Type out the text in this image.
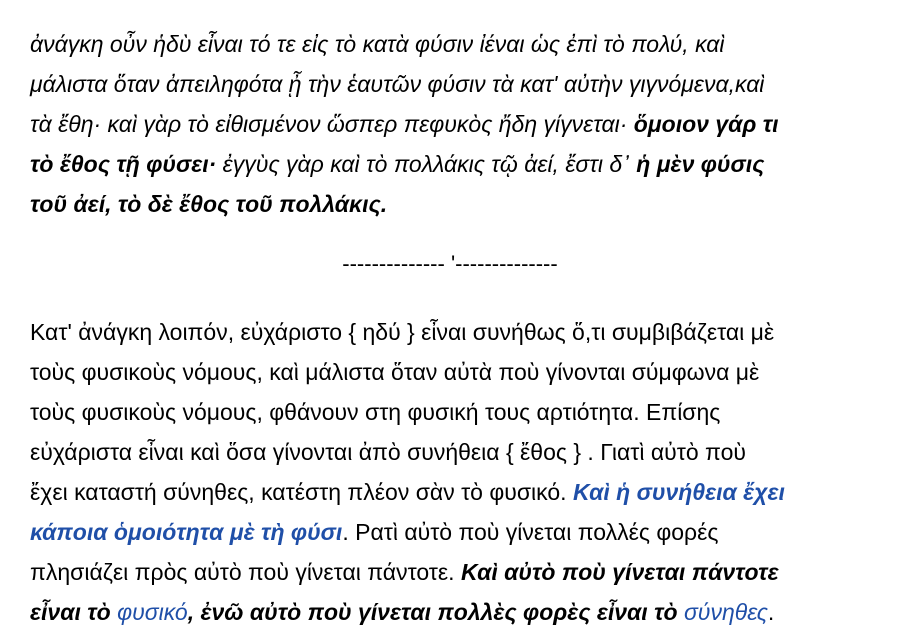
ἀνάγκη οὖν ἡδὺ εἶναι τό τε εἰς τὸ κατὰ φύσιν ἰέναι ὡς ἐπὶ τὸ πολύ, καὶ
μάλιστα ὅταν ἀπειληφότα ᾖ τὴν ἑαυτῶν φύσιν τὰ κατ' αὐτὴν γιγνόμενα,καὶ
τὰ ἔθη· καὶ γὰρ τὸ εἰθισμένον ὥσπερ πεφυκὸς ἤδη γίγνεται· ὅμοιον γάρ τι
τὸ ἔθος τῇ φύσει· ἐγγὺς γὰρ καὶ τὸ πολλάκις τῷ ἀεί, ἔστι δ᾽ ἡ μὲν φύσις
τοῦ ἀεί, τὸ δὲ ἔθος τοῦ πολλάκις.
-------------- '--------------
Κατ' ἀνάγκη λοιπόν, εὐχάριστο { ηδύ } εἶναι συνήθως ὅ,τι συμβιβάζεται μὲ
τοὺς φυσικοὺς νόμους, καὶ μάλιστα ὅταν αὐτὰ ποὺ γίνονται σύμφωνα μὲ
τοὺς φυσικοὺς νόμους, φθάνουν στη φυσική τους αρτιότητα. Επίσης
εὐχάριστα εἶναι καὶ ὅσα γίνονται ἀπὸ συνήθεια { ἔθος } . Γιατὶ αὐτὸ ποὺ
ἔχει καταστή σύνηθες, κατέστη πλέον σὰν τὸ φυσικό. Καὶ ἡ συνήθεια ἔχει
κάποια ὁμοιότητα μὲ τὴ φύσι. Ρατὶ αὐτὸ ποὺ γίνεται πολλές φορές
πλησιάζει πρὸς αὐτὸ ποὺ γίνεται πάντοτε. Καὶ αὐτὸ ποὺ γίνεται πάντοτε
εἶναι τὸ φυσικό, ἐνῶ αὐτὸ ποὺ γίνεται πολλὲς φορὲς εἶναι τὸ σύνηθες.
